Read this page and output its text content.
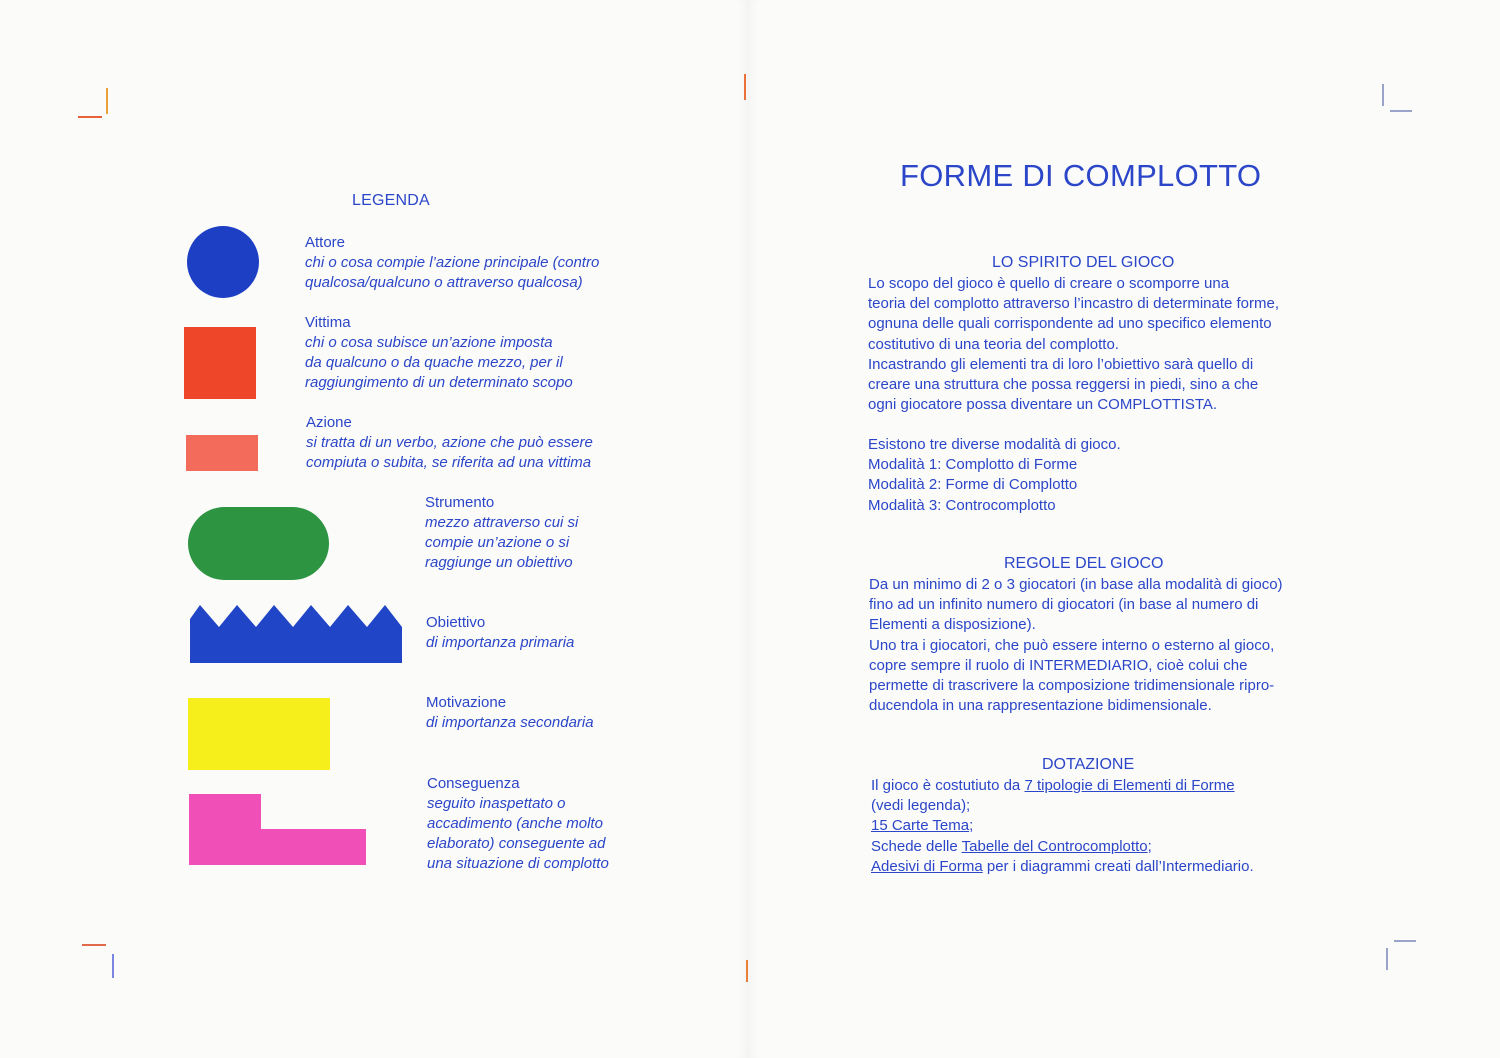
LEGENDA
Attore
chi o cosa compie l’azione principale (contro
qualcosa/qualcuno o attraverso qualcosa)
Vittima
chi o cosa subisce un’azione imposta
da qualcuno o da quache mezzo, per il
raggiungimento di un determinato scopo
Azione
si tratta di un verbo, azione che può essere
compiuta o subita, se riferita ad una vittima
Strumento
mezzo attraverso cui si
compie un’azione o si
raggiunge un obiettivo
Obiettivo
di importanza primaria
Motivazione
di importanza secondaria
Conseguenza
seguito inaspettato o
accadimento (anche molto
elaborato) conseguente ad
una situazione di complotto
FORME DI COMPLOTTO
LO SPIRITO DEL GIOCO
Lo scopo del gioco è quello di creare o scomporre una
teoria del complotto attraverso l’incastro di determinate forme,
ognuna delle quali corrispondente ad uno specifico elemento
costitutivo di una teoria del complotto.
Incastrando gli elementi tra di loro l’obiettivo sarà quello di
creare una struttura che possa reggersi in piedi, sino a che
ogni giocatore possa diventare un COMPLOTTISTA.
Esistono tre diverse modalità di gioco.
Modalità 1: Complotto di Forme
Modalità 2: Forme di Complotto
Modalità 3: Controcomplotto
REGOLE DEL GIOCO
Da un minimo di 2 o 3 giocatori (in base alla modalità di gioco)
fino ad un infinito numero di giocatori (in base al numero di
Elementi a disposizione).
Uno tra i giocatori, che può essere interno o esterno al gioco,
copre sempre il ruolo di INTERMEDIARIO, cioè colui che
permette di trascrivere la composizione tridimensionale ripro-
ducendola in una rappresentazione bidimensionale.
DOTAZIONE
Il gioco è costutiuto da 7 tipologie di Elementi di Forme
(vedi legenda);
15 Carte Tema;
Schede delle Tabelle del Controcomplotto;
Adesivi di Forma per i diagrammi creati dall’Intermediario.
